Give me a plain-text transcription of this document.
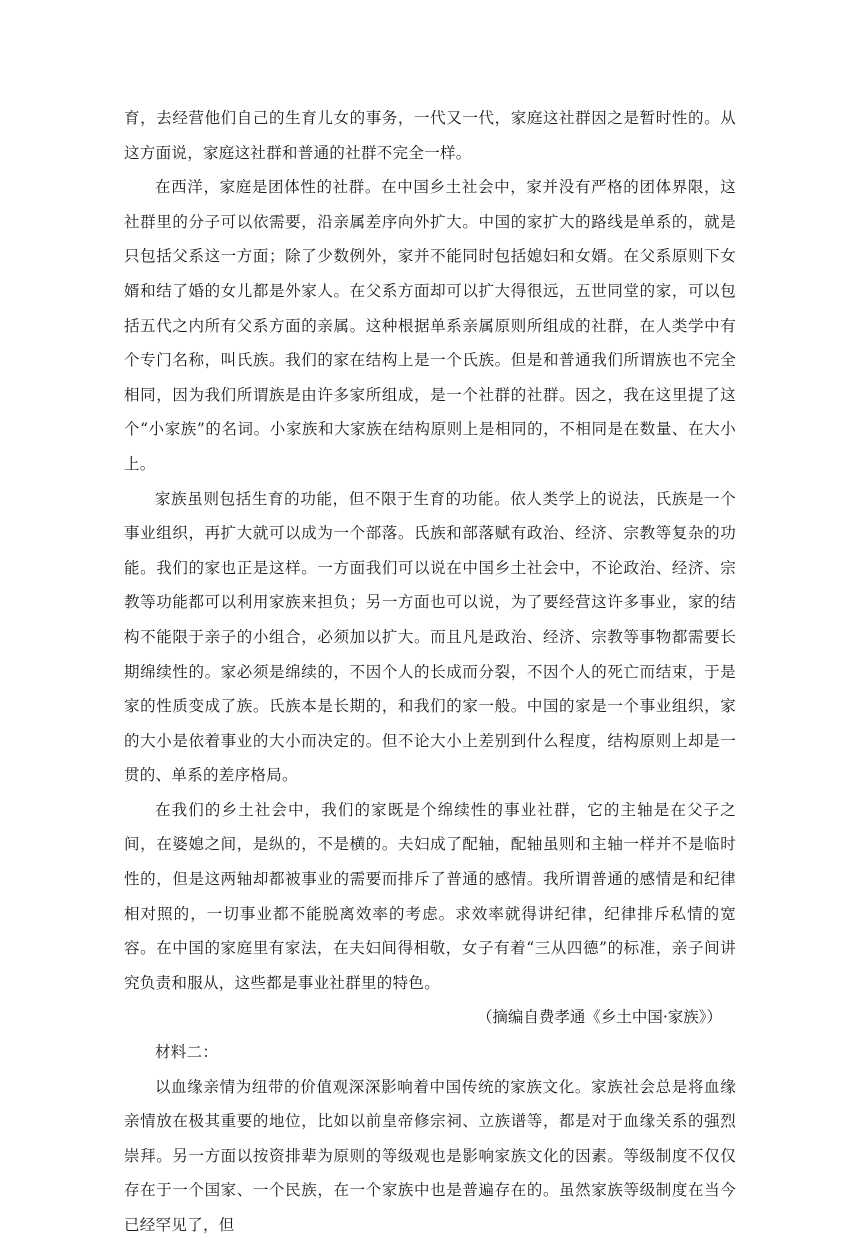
育，去经营他们自己的生育儿女的事务，一代又一代，家庭这社群因之是暂时性的。从这方面说，家庭这社群和普通的社群不完全一样。

在西洋，家庭是团体性的社群。在中国乡土社会中，家并没有严格的团体界限，这社群里的分子可以依需要，沿亲属差序向外扩大。中国的家扩大的路线是单系的，就是只包括父系这一方面；除了少数例外，家并不能同时包括媳妇和女婿。在父系原则下女婿和结了婚的女儿都是外家人。在父系方面却可以扩大得很远，五世同堂的家，可以包括五代之内所有父系方面的亲属。这种根据单系亲属原则所组成的社群，在人类学中有个专门名称，叫氏族。我们的家在结构上是一个氏族。但是和普通我们所谓族也不完全相同，因为我们所谓族是由许多家所组成，是一个社群的社群。因之，我在这里提了这个“小家族”的名词。小家族和大家族在结构原则上是相同的，不相同是在数量、在大小上。

家族虽则包括生育的功能，但不限于生育的功能。依人类学上的说法，氏族是一个事业组织，再扩大就可以成为一个部落。氏族和部落赋有政治、经济、宗教等复杂的功能。我们的家也正是这样。一方面我们可以说在中国乡土社会中，不论政治、经济、宗教等功能都可以利用家族来担负；另一方面也可以说，为了要经营这许多事业，家的结构不能限于亲子的小组合，必须加以扩大。而且凡是政治、经济、宗教等事物都需要长期绵续性的。家必须是绵续的，不因个人的长成而分裂，不因个人的死亡而结束，于是家的性质变成了族。氏族本是长期的，和我们的家一般。中国的家是一个事业组织，家的大小是依着事业的大小而决定的。但不论大小上差别到什么程度，结构原则上却是一贯的、单系的差序格局。

在我们的乡土社会中，我们的家既是个绵续性的事业社群，它的主轴是在父子之间，在婆媳之间，是纵的，不是横的。夫妇成了配轴，配轴虽则和主轴一样并不是临时性的，但是这两轴却都被事业的需要而排斥了普通的感情。我所谓普通的感情是和纪律相对照的，一切事业都不能脱离效率的考虑。求效率就得讲纪律，纪律排斥私情的宽容。在中国的家庭里有家法，在夫妇间得相敬，女子有着“三从四德”的标准，亲子间讲究负责和服从，这些都是事业社群里的特色。

（摘编自费孝通《乡土中国·家族》）

材料二：

以血缘亲情为纽带的价值观深深影响着中国传统的家族文化。家族社会总是将血缘亲情放在极其重要的地位，比如以前皇帝修宗祠、立族谱等，都是对于血缘关系的强烈崇拜。另一方面以按资排辈为原则的等级观也是影响家族文化的因素。等级制度不仅仅存在于一个国家、一个民族，在一个家族中也是普遍存在的。虽然家族等级制度在当今已经罕见了，但
